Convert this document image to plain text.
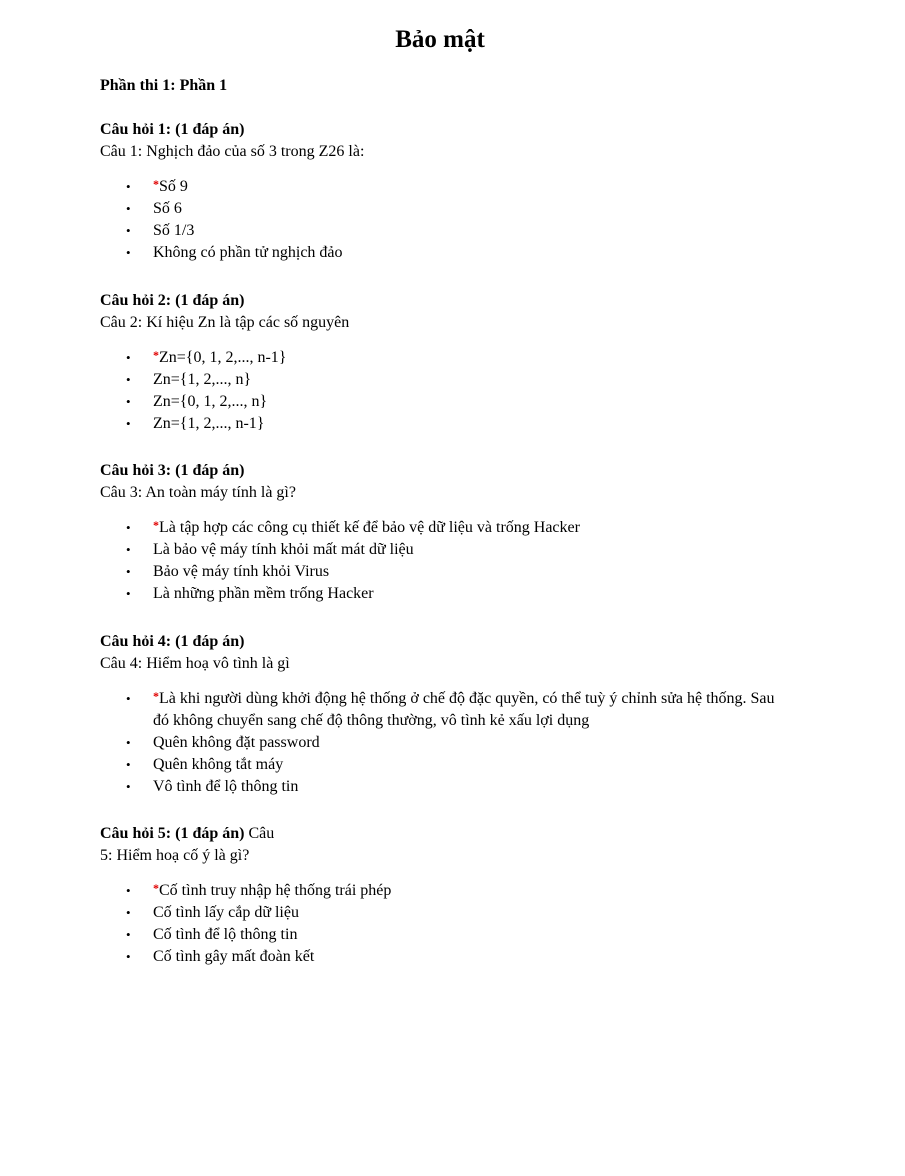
Bảo mật
Phần thi 1: Phần 1
Câu hỏi 1: (1 đáp án)
Câu 1: Nghịch đảo của số 3 trong Z26 là:
• *Số 9
• Số 6
• Số 1/3
• Không có phần tử nghịch đảo
Câu hỏi 2: (1 đáp án)
Câu 2: Kí hiệu Zn là tập các số nguyên
• *Zn={0, 1, 2,..., n-1}
• Zn={1, 2,..., n}
• Zn={0, 1, 2,..., n}
• Zn={1, 2,..., n-1}
Câu hỏi 3: (1 đáp án)
Câu 3: An toàn máy tính là gì?
• *Là tập hợp các công cụ thiết kế để bảo vệ dữ liệu và trống Hacker
• Là bảo vệ máy tính khỏi mất mát dữ liệu
• Bảo vệ máy tính khỏi Virus
• Là những phần mềm trống Hacker
Câu hỏi 4: (1 đáp án)
Câu 4: Hiểm hoạ vô tình là gì
• *Là khi người dùng khởi động hệ thống ở chế độ đặc quyền, có thể tuỳ ý chỉnh sửa hệ thống. Sau đó không chuyển sang chế độ thông thường, vô tình kẻ xấu lợi dụng
• Quên không đặt password
• Quên không tắt máy
• Vô tình để lộ thông tin
Câu hỏi 5: (1 đáp án) Câu
5: Hiểm hoạ cố ý là gì?
• *Cố tình truy nhập hệ thống trái phép
• Cố tình lấy cắp dữ liệu
• Cố tình để lộ thông tin
• Cố tình gây mất đoàn kết
